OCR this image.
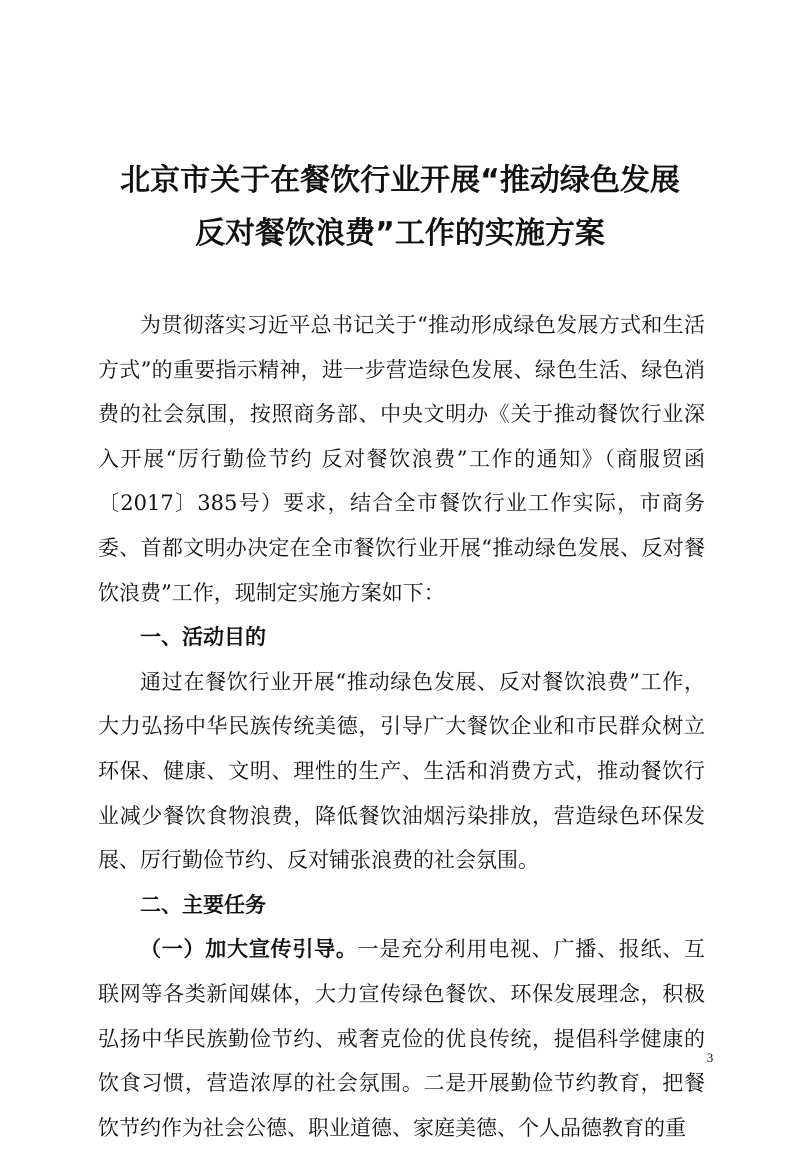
北京市关于在餐饮行业开展“推动绿色发展
反对餐饮浪费”工作的实施方案

为贯彻落实习近平总书记关于“推动形成绿色发展方式和生活方式”的重要指示精神，进一步营造绿色发展、绿色生活、绿色消费的社会氛围，按照商务部、中央文明办《关于推动餐饮行业深入开展“厉行勤俭节约 反对餐饮浪费”工作的通知》（商服贸函〔2017〕385号）要求，结合全市餐饮行业工作实际，市商务委、首都文明办决定在全市餐饮行业开展“推动绿色发展、反对餐饮浪费”工作，现制定实施方案如下：

一、活动目的

通过在餐饮行业开展“推动绿色发展、反对餐饮浪费”工作，大力弘扬中华民族传统美德，引导广大餐饮企业和市民群众树立环保、健康、文明、理性的生产、生活和消费方式，推动餐饮行业减少餐饮食物浪费，降低餐饮油烟污染排放，营造绿色环保发展、厉行勤俭节约、反对铺张浪费的社会氛围。

二、主要任务

（一）加大宣传引导。一是充分利用电视、广播、报纸、互联网等各类新闻媒体，大力宣传绿色餐饮、环保发展理念，积极弘扬中华民族勤俭节约、戒奢克俭的优良传统，提倡科学健康的饮食习惯，营造浓厚的社会氛围。二是开展勤俭节约教育，把餐饮节约作为社会公德、职业道德、家庭美德、个人品德教育的重

3
